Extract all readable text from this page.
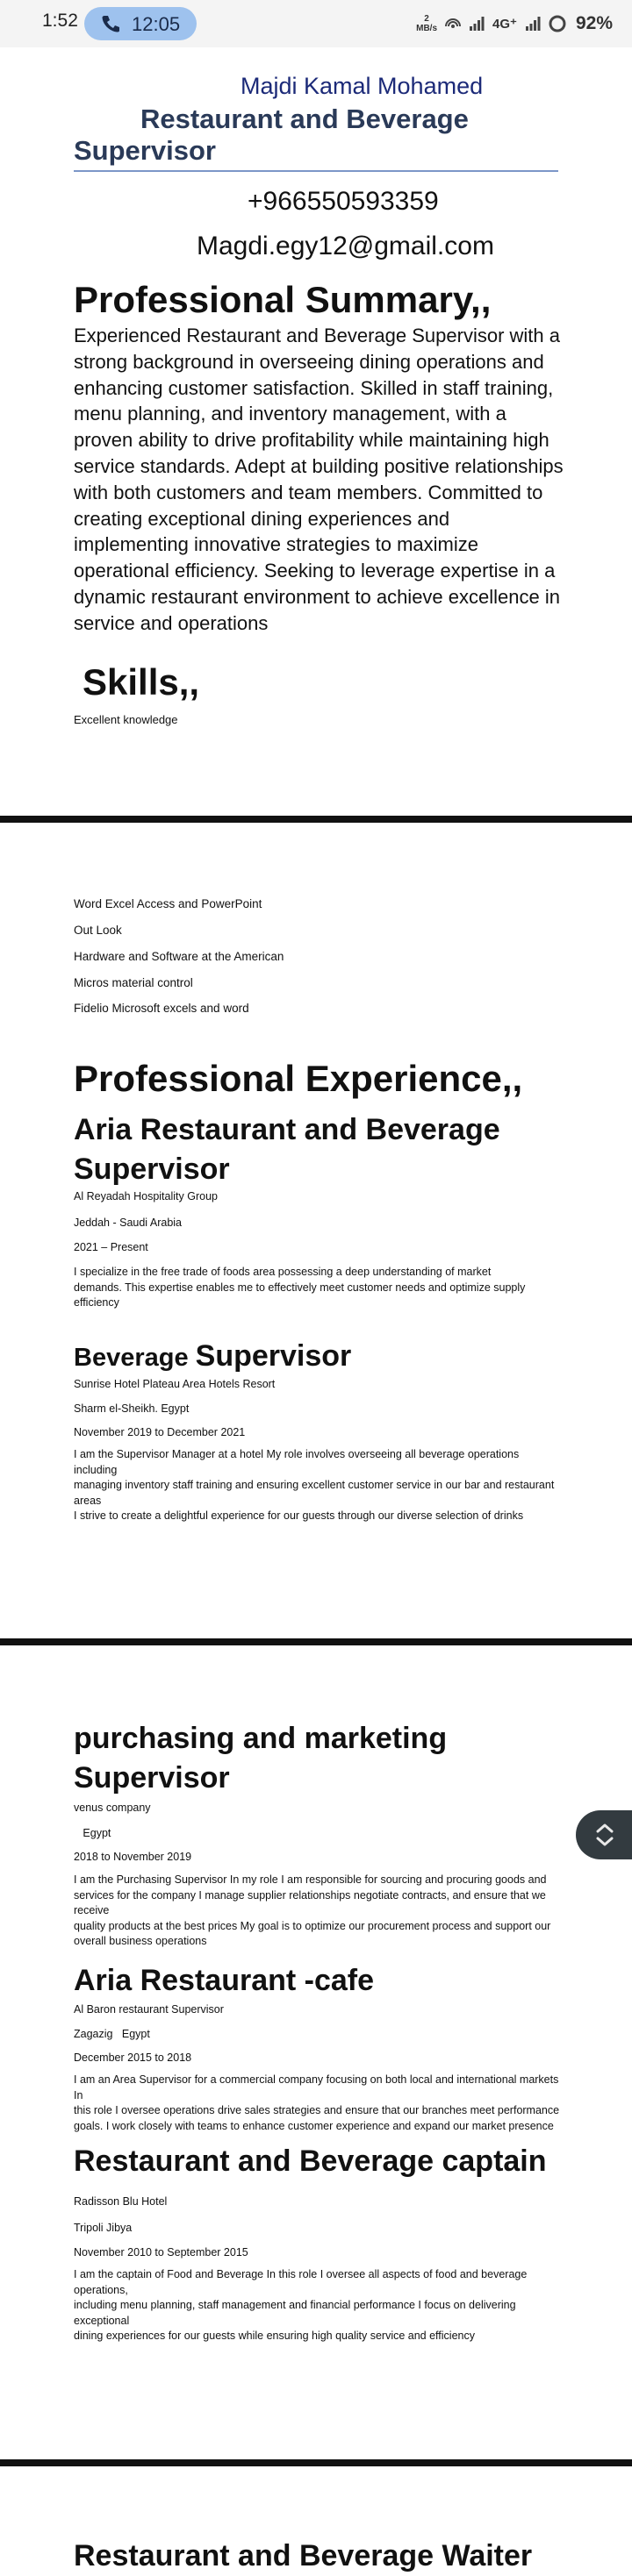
1:52	12:05	2
MB/s	4G⁺	92%
Majdi Kamal Mohamed
Restaurant and Beverage
Supervisor
+966550593359
Magdi.egy12@gmail.com
Professional Summary,,
Experienced Restaurant and Beverage Supervisor with a
strong background in overseeing dining operations and
enhancing customer satisfaction. Skilled in staff training,
menu planning, and inventory management, with a
proven ability to drive profitability while maintaining high
service standards. Adept at building positive relationships
with both customers and team members. Committed to
creating exceptional dining experiences and
implementing innovative strategies to maximize
operational efficiency. Seeking to leverage expertise in a
dynamic restaurant environment to achieve excellence in
service and operations
Skills,,
Excellent knowledge
Word Excel Access and PowerPoint
Out Look
Hardware and Software at the American
Micros material control
Fidelio Microsoft excels and word
Professional Experience,,
Aria Restaurant and Beverage
Supervisor
Al Reyadah Hospitality Group
Jeddah - Saudi Arabia
2021 – Present
I specialize in the free trade of foods area possessing a deep understanding of market
demands. This expertise enables me to effectively meet customer needs and optimize supply
efficiency
Beverage Supervisor
Sunrise Hotel Plateau Area Hotels Resort
Sharm el-Sheikh. Egypt
November 2019 to December 2021
I am the Supervisor Manager at a hotel My role involves overseeing all beverage operations including
managing inventory staff training and ensuring excellent customer service in our bar and restaurant areas
I strive to create a delightful experience for our guests through our diverse selection of drinks
purchasing and marketing
Supervisor
venus company
Egypt
2018 to November 2019
I am the Purchasing Supervisor In my role I am responsible for sourcing and procuring goods and
services for the company I manage supplier relationships negotiate contracts, and ensure that we receive
quality products at the best prices My goal is to optimize our procurement process and support our
overall business operations
Aria Restaurant -cafe
Al Baron restaurant Supervisor
Zagazig   Egypt
December 2015 to 2018
I am an Area Supervisor for a commercial company focusing on both local and international markets In
this role I oversee operations drive sales strategies and ensure that our branches meet performance
goals. I work closely with teams to enhance customer experience and expand our market presence
Restaurant and Beverage captain
Radisson Blu Hotel
Tripoli Jibya
November 2010 to September 2015
I am the captain of Food and Beverage In this role I oversee all aspects of food and beverage operations,
including menu planning, staff management and financial performance I focus on delivering exceptional
dining experiences for our guests while ensuring high quality service and efficiency
Restaurant and Beverage Waiter
